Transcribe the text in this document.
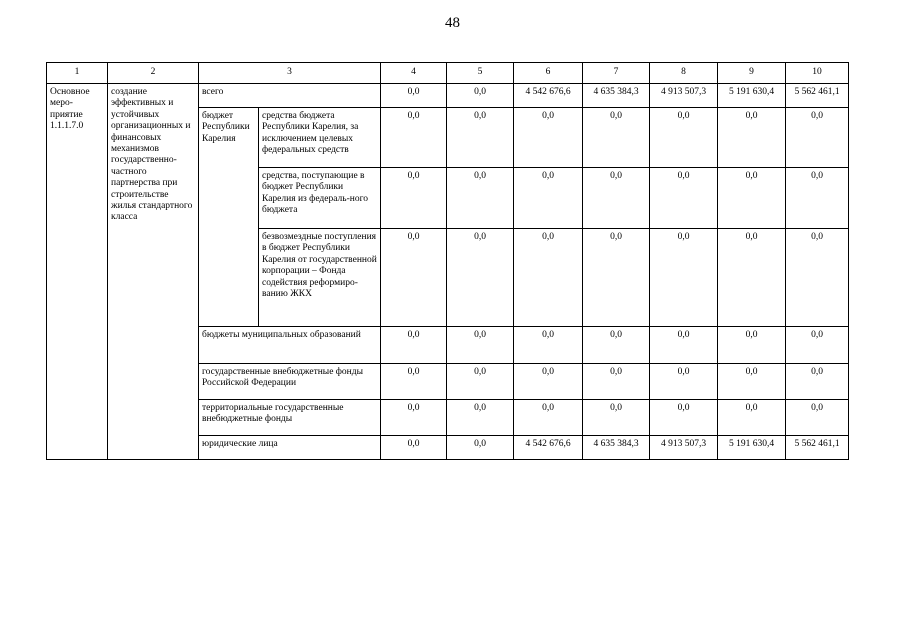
48
1	2	3		4	5	6	7	8	9	10
Основное меро-приятие 1.1.1.7.0	создание эффективных и устойчивых организационных и финансовых механизмов государственно-частного партнерства при строительстве жилья стандартного класса	всего		0,0	0,0	4 542 676,6	4 635 384,3	4 913 507,3	5 191 630,4	5 562 461,1
		бюджет Республики Карелия	средства бюджета Республики Карелия, за исключением целевых федеральных средств	0,0	0,0	0,0	0,0	0,0	0,0	0,0
			средства, поступающие в бюджет Республики Карелия из федераль-ного бюджета	0,0	0,0	0,0	0,0	0,0	0,0	0,0
			безвозмездные поступления в бюджет Республики Карелия от государственной корпорации – Фонда содействия реформиро-ванию ЖКХ	0,0	0,0	0,0	0,0	0,0	0,0	0,0
		бюджеты муниципальных образований		0,0	0,0	0,0	0,0	0,0	0,0	0,0
		государственные внебюджетные фонды Российской Федерации		0,0	0,0	0,0	0,0	0,0	0,0	0,0
		территориальные государственные внебюджетные фонды		0,0	0,0	0,0	0,0	0,0	0,0	0,0
		юридические лица		0,0	0,0	4 542 676,6	4 635 384,3	4 913 507,3	5 191 630,4	5 562 461,1
